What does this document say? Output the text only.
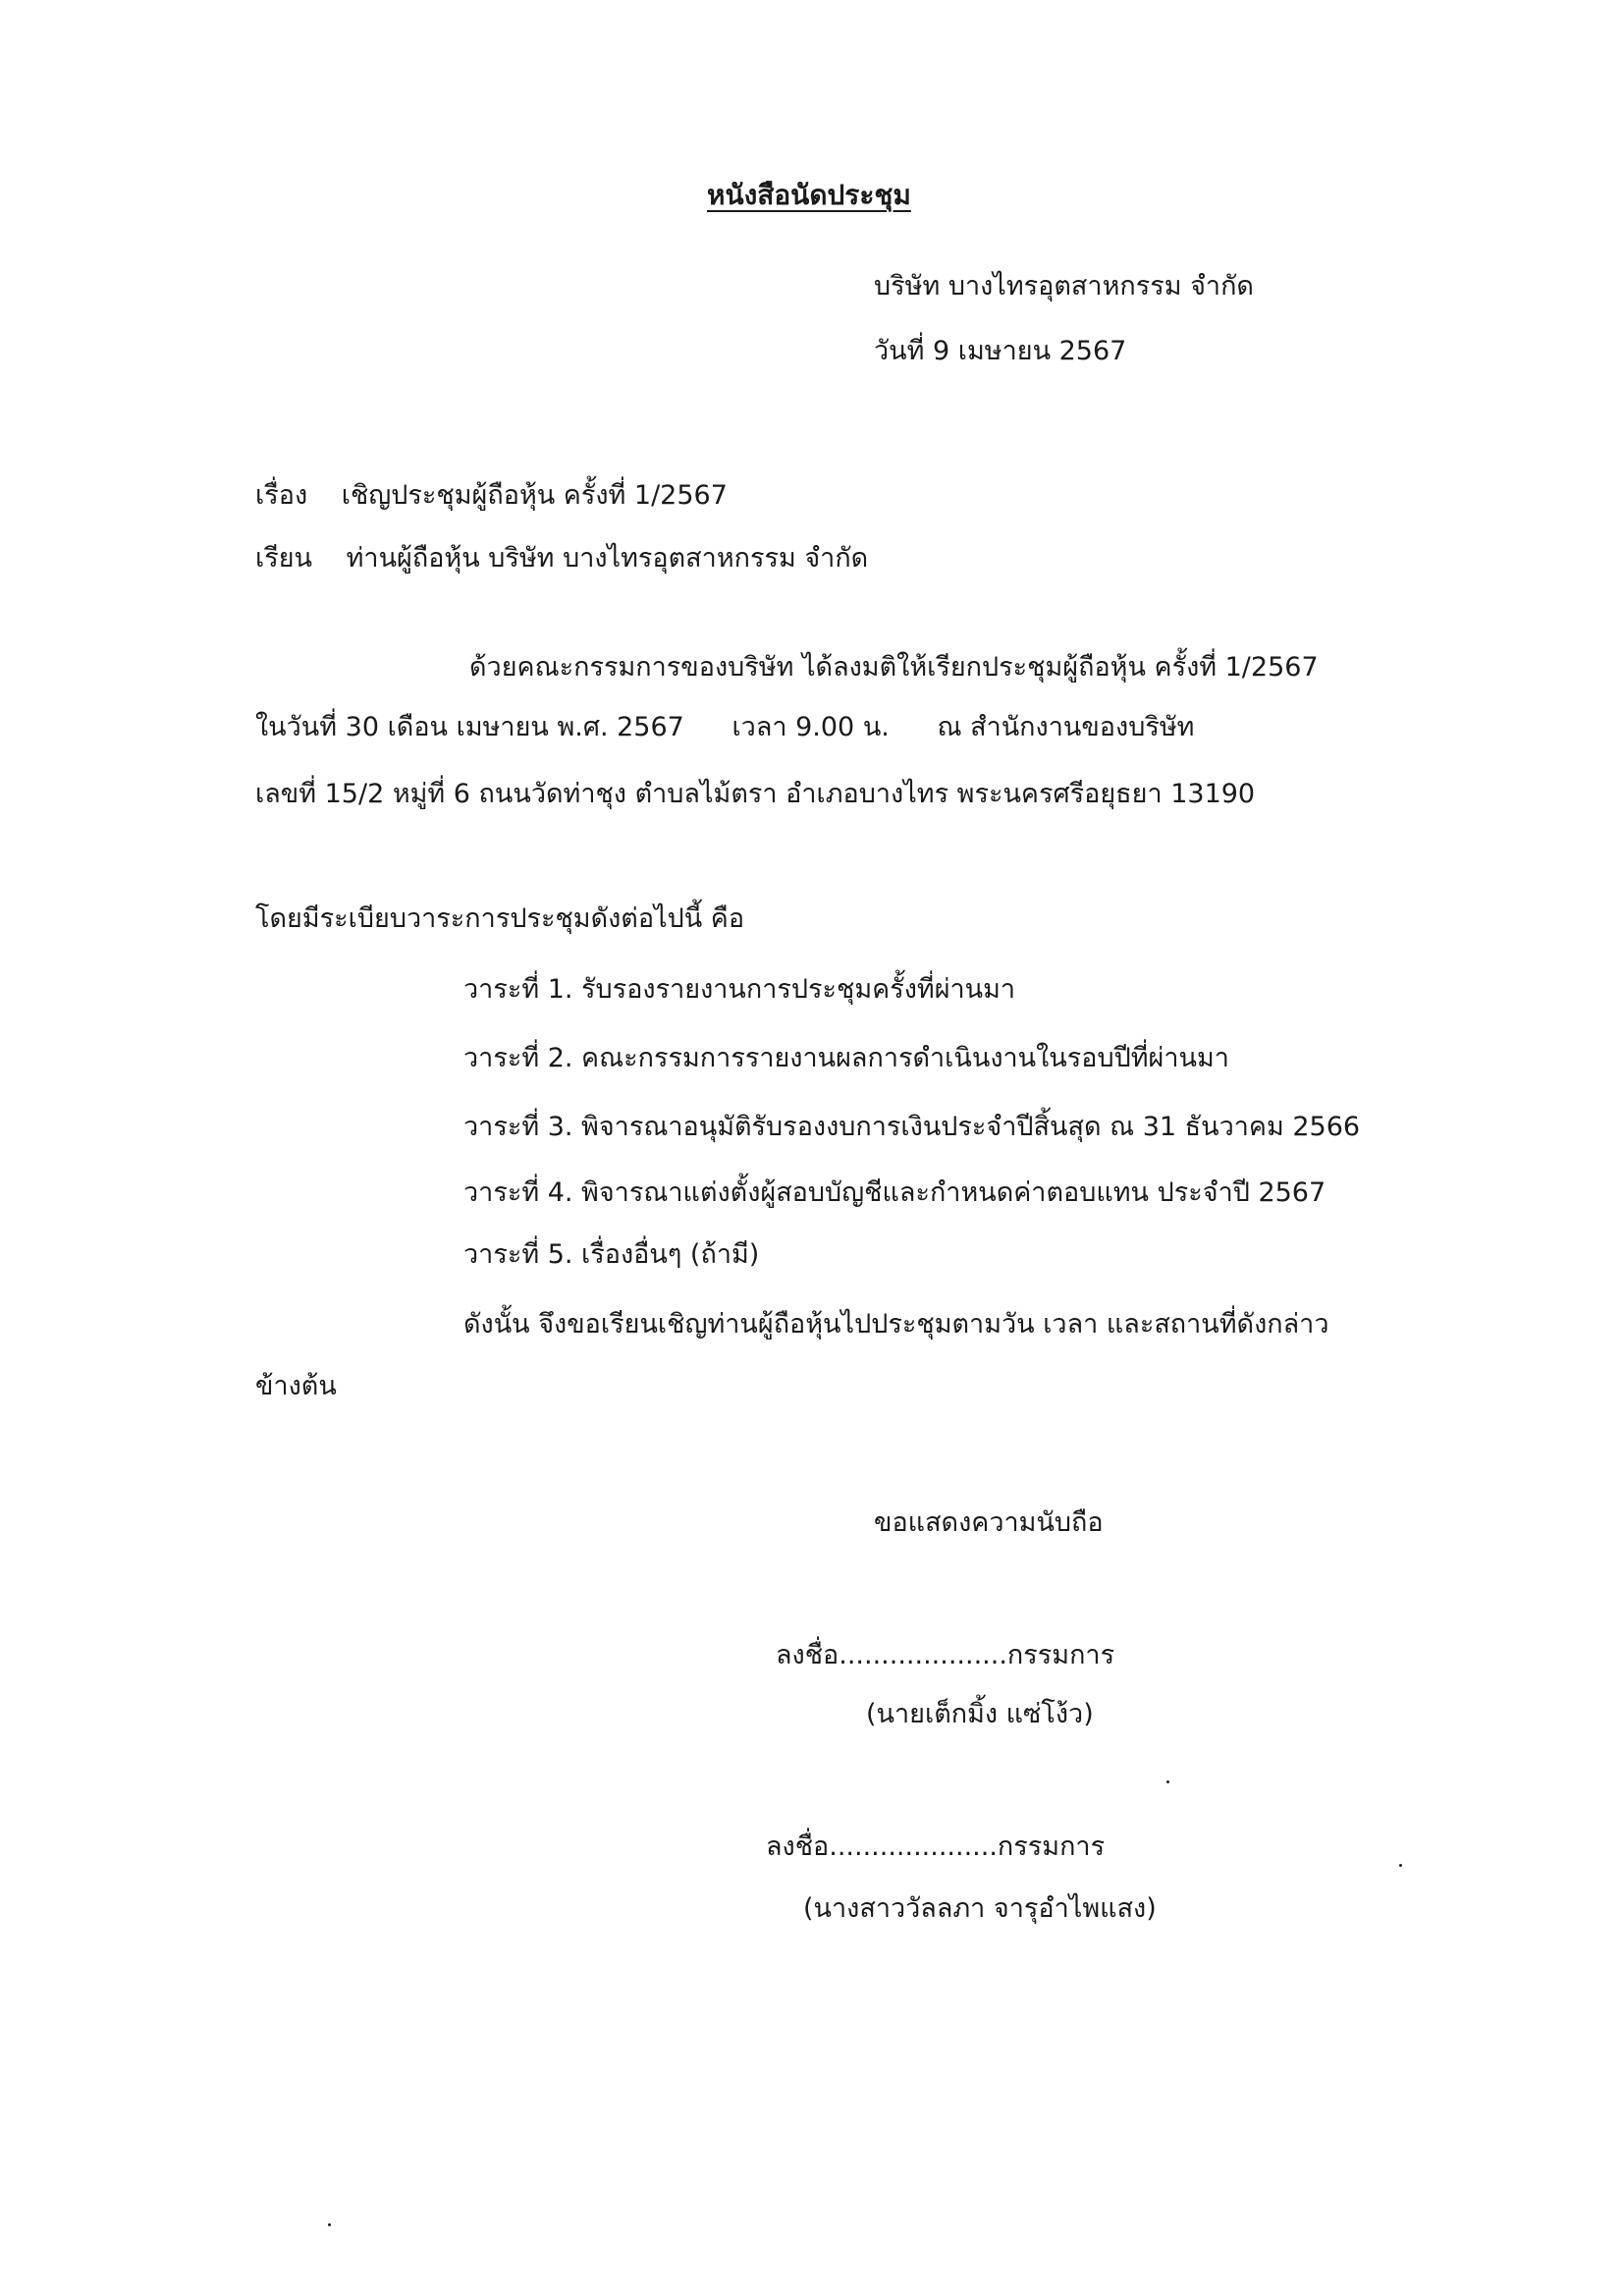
หนังสือนัดประชุม
บริษัท บางไทรอุตสาหกรรม จำกัด
วันที่ 9 เมษายน 2567
เรื่อง เชิญประชุมผู้ถือหุ้น ครั้งที่ 1/2567
เรียน ท่านผู้ถือหุ้น บริษัท บางไทรอุตสาหกรรม จำกัด
ด้วยคณะกรรมการของบริษัท ได้ลงมติให้เรียกประชุมผู้ถือหุ้น ครั้งที่ 1/2567
ในวันที่ 30 เดือน เมษายน พ.ศ. 2567 เวลา 9.00 น. ณ สำนักงานของบริษัท
เลขที่ 15/2 หมู่ที่ 6 ถนนวัดท่าชุง ตำบลไม้ตรา อำเภอบางไทร พระนครศรีอยุธยา 13190
โดยมีระเบียบวาระการประชุมดังต่อไปนี้ คือ
วาระที่ 1. รับรองรายงานการประชุมครั้งที่ผ่านมา
วาระที่ 2. คณะกรรมการรายงานผลการดำเนินงานในรอบปีที่ผ่านมา
วาระที่ 3. พิจารณาอนุมัติรับรองงบการเงินประจำปีสิ้นสุด ณ 31 ธันวาคม 2566
วาระที่ 4. พิจารณาแต่งตั้งผู้สอบบัญชีและกำหนดค่าตอบแทน ประจำปี 2567
วาระที่ 5. เรื่องอื่นๆ (ถ้ามี)
ดังนั้น จึงขอเรียนเชิญท่านผู้ถือหุ้นไปประชุมตามวัน เวลา และสถานที่ดังกล่าว
ข้างต้น
ขอแสดงความนับถือ
ลงชื่อ....................กรรมการ
(นายเต็กมิ้ง แซ่โง้ว)
ลงชื่อ....................กรรมการ
(นางสาววัลลภา จารุอำไพแสง)
